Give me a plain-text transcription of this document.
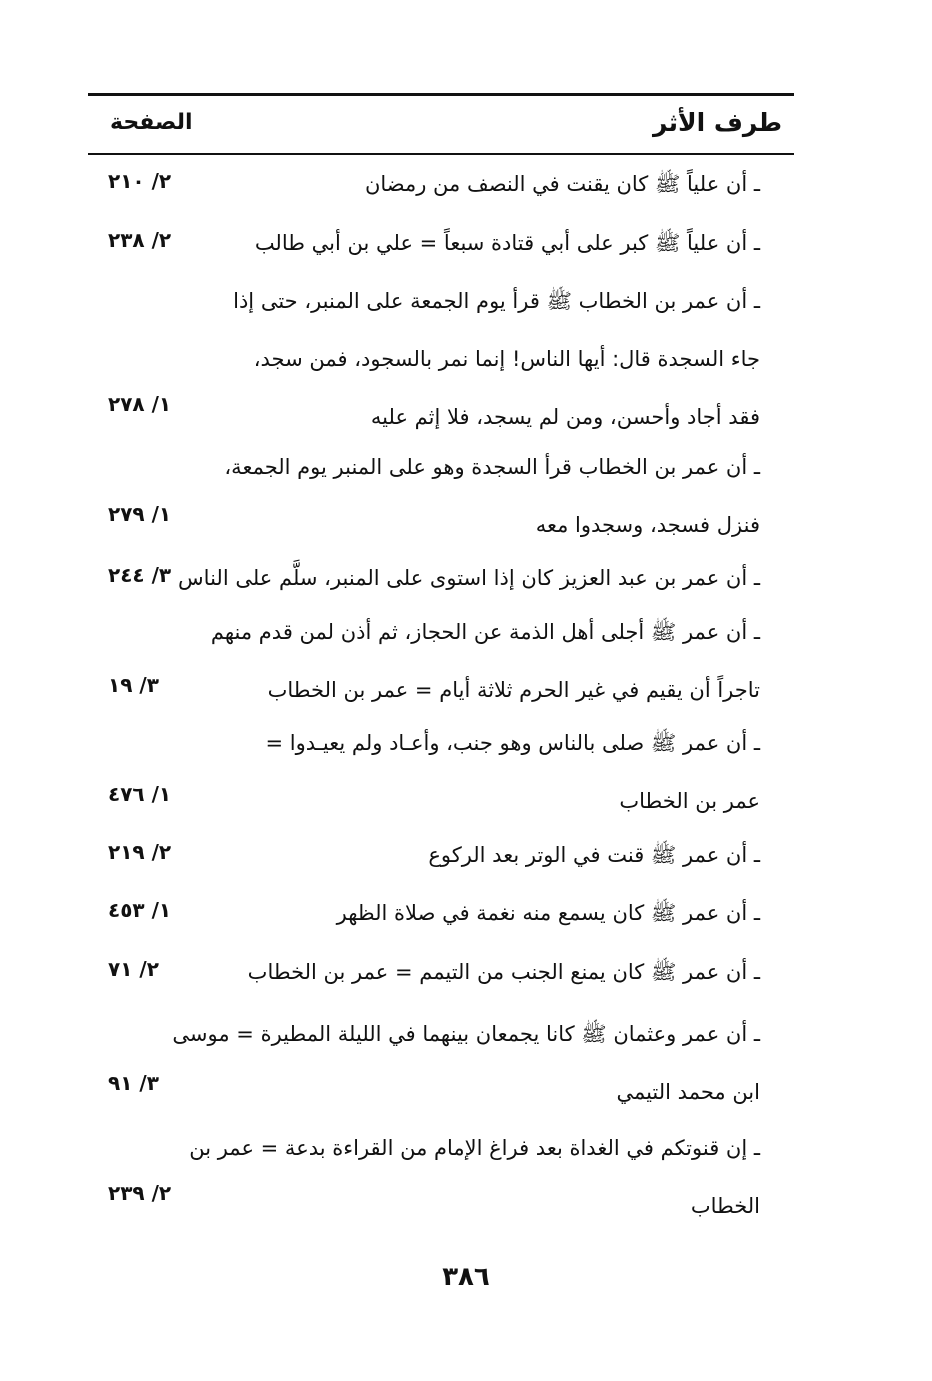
طرف الأثر
الصفحة
ـ أن علياً ﷺ كان يقنت في النصف من رمضان
٢/ ٢١٠
ـ أن علياً ﷺ كبر على أبي قتادة سبعاً = علي بن أبي طالب
٢/ ٢٣٨
ـ أن عمر بن الخطاب ﷺ قرأ يوم الجمعة على المنبر، حتى إذا
جاء السجدة قال: أيها الناس! إنما نمر بالسجود، فمن سجد،
فقد أجاد وأحسن، ومن لم يسجد، فلا إثم عليه
١/ ٢٧٨
ـ أن عمر بن الخطاب قرأ السجدة وهو على المنبر يوم الجمعة،
فنزل فسجد، وسجدوا معه
١/ ٢٧٩
ـ أن عمر بن عبد العزيز كان إذا استوى على المنبر، سلَّم على الناس
٣/ ٢٤٤
ـ أن عمر ﷺ أجلى أهل الذمة عن الحجاز، ثم أذن لمن قدم منهم
تاجراً أن يقيم في غير الحرم ثلاثة أيام = عمر بن الخطاب
٣/ ١٩
ـ أن عمر ﷺ صلى بالناس وهو جنب، وأعـاد ولم يعيـدوا =
عمر بن الخطاب
١/ ٤٧٦
ـ أن عمر ﷺ قنت في الوتر بعد الركوع
٢/ ٢١٩
ـ أن عمر ﷺ كان يسمع منه نغمة في صلاة الظهر
١/ ٤٥٣
ـ أن عمر ﷺ كان يمنع الجنب من التيمم = عمر بن الخطاب
٢/ ٧١
ـ أن عمر وعثمان ﷺ كانا يجمعان بينهما في الليلة المطيرة = موسى
ابن محمد التيمي
٣/ ٩١
ـ إن قنوتكم في الغداة بعد فراغ الإمام من القراءة بدعة = عمر بن
الخطاب
٢/ ٢٣٩
٣٨٦
